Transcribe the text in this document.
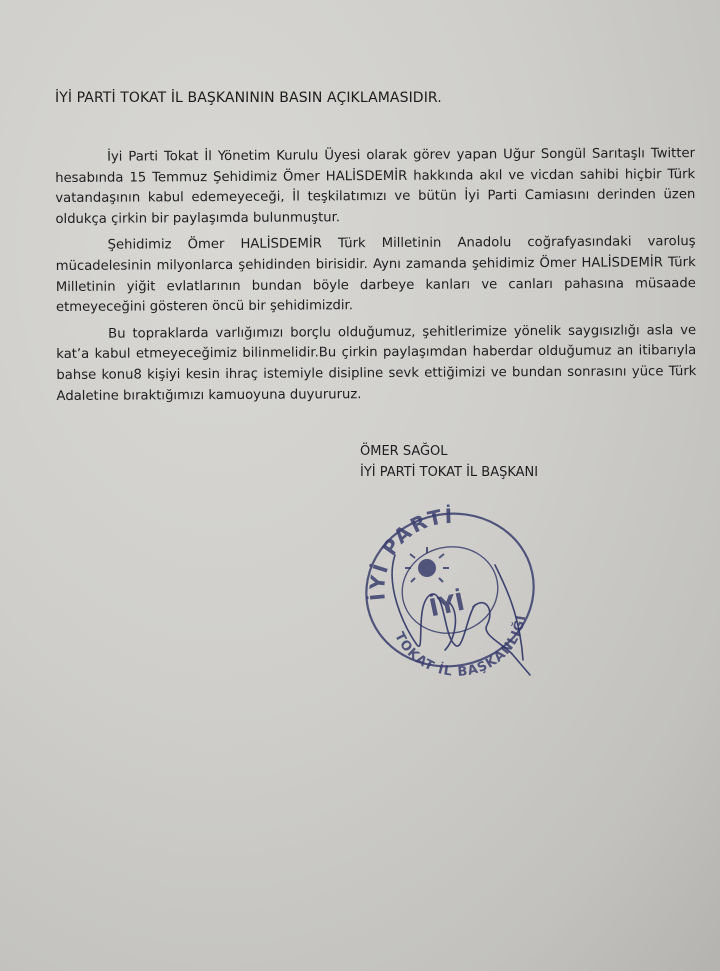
İYİ PARTİ TOKAT İL BAŞKANININ BASIN AÇIKLAMASIDIR.

İyi Parti Tokat İl Yönetim Kurulu Üyesi olarak görev yapan Uğur Songül Sarıtaşlı Twitter hesabında 15 Temmuz Şehidimiz Ömer HALİSDEMİR hakkında akıl ve vicdan sahibi hiçbir Türk vatandaşının kabul edemeyeceği, İl teşkilatımızı ve bütün İyi Parti Camiasını derinden üzen oldukça çirkin bir paylaşımda bulunmuştur.

Şehidimiz Ömer HALİSDEMİR Türk Milletinin Anadolu coğrafyasındaki varoluş mücadelesinin milyonlarca şehidinden birisidir. Aynı zamanda şehidimiz Ömer HALİSDEMİR Türk Milletinin yiğit evlatlarının bundan böyle darbeye kanları ve canları pahasına müsaade etmeyeceğini gösteren öncü bir şehidimizdir.

Bu topraklarda varlığımızı borçlu olduğumuz, şehitlerimize yönelik saygısızlığı asla ve kat’a kabul etmeyeceğimiz bilinmelidir.Bu çirkin paylaşımdan haberdar olduğumuz an itibarıyla bahse konu8 kişiyi kesin ihraç istemiyle disipline sevk ettiğimizi ve bundan sonrasını yüce Türk Adaletine bıraktığımızı kamuoyuna duyururuz.

ÖMER SAĞOL
İYİ PARTİ TOKAT İL BAŞKANI
İYİ PARTİ
TOKAT İL BAŞKANLIĞI
İYİ
